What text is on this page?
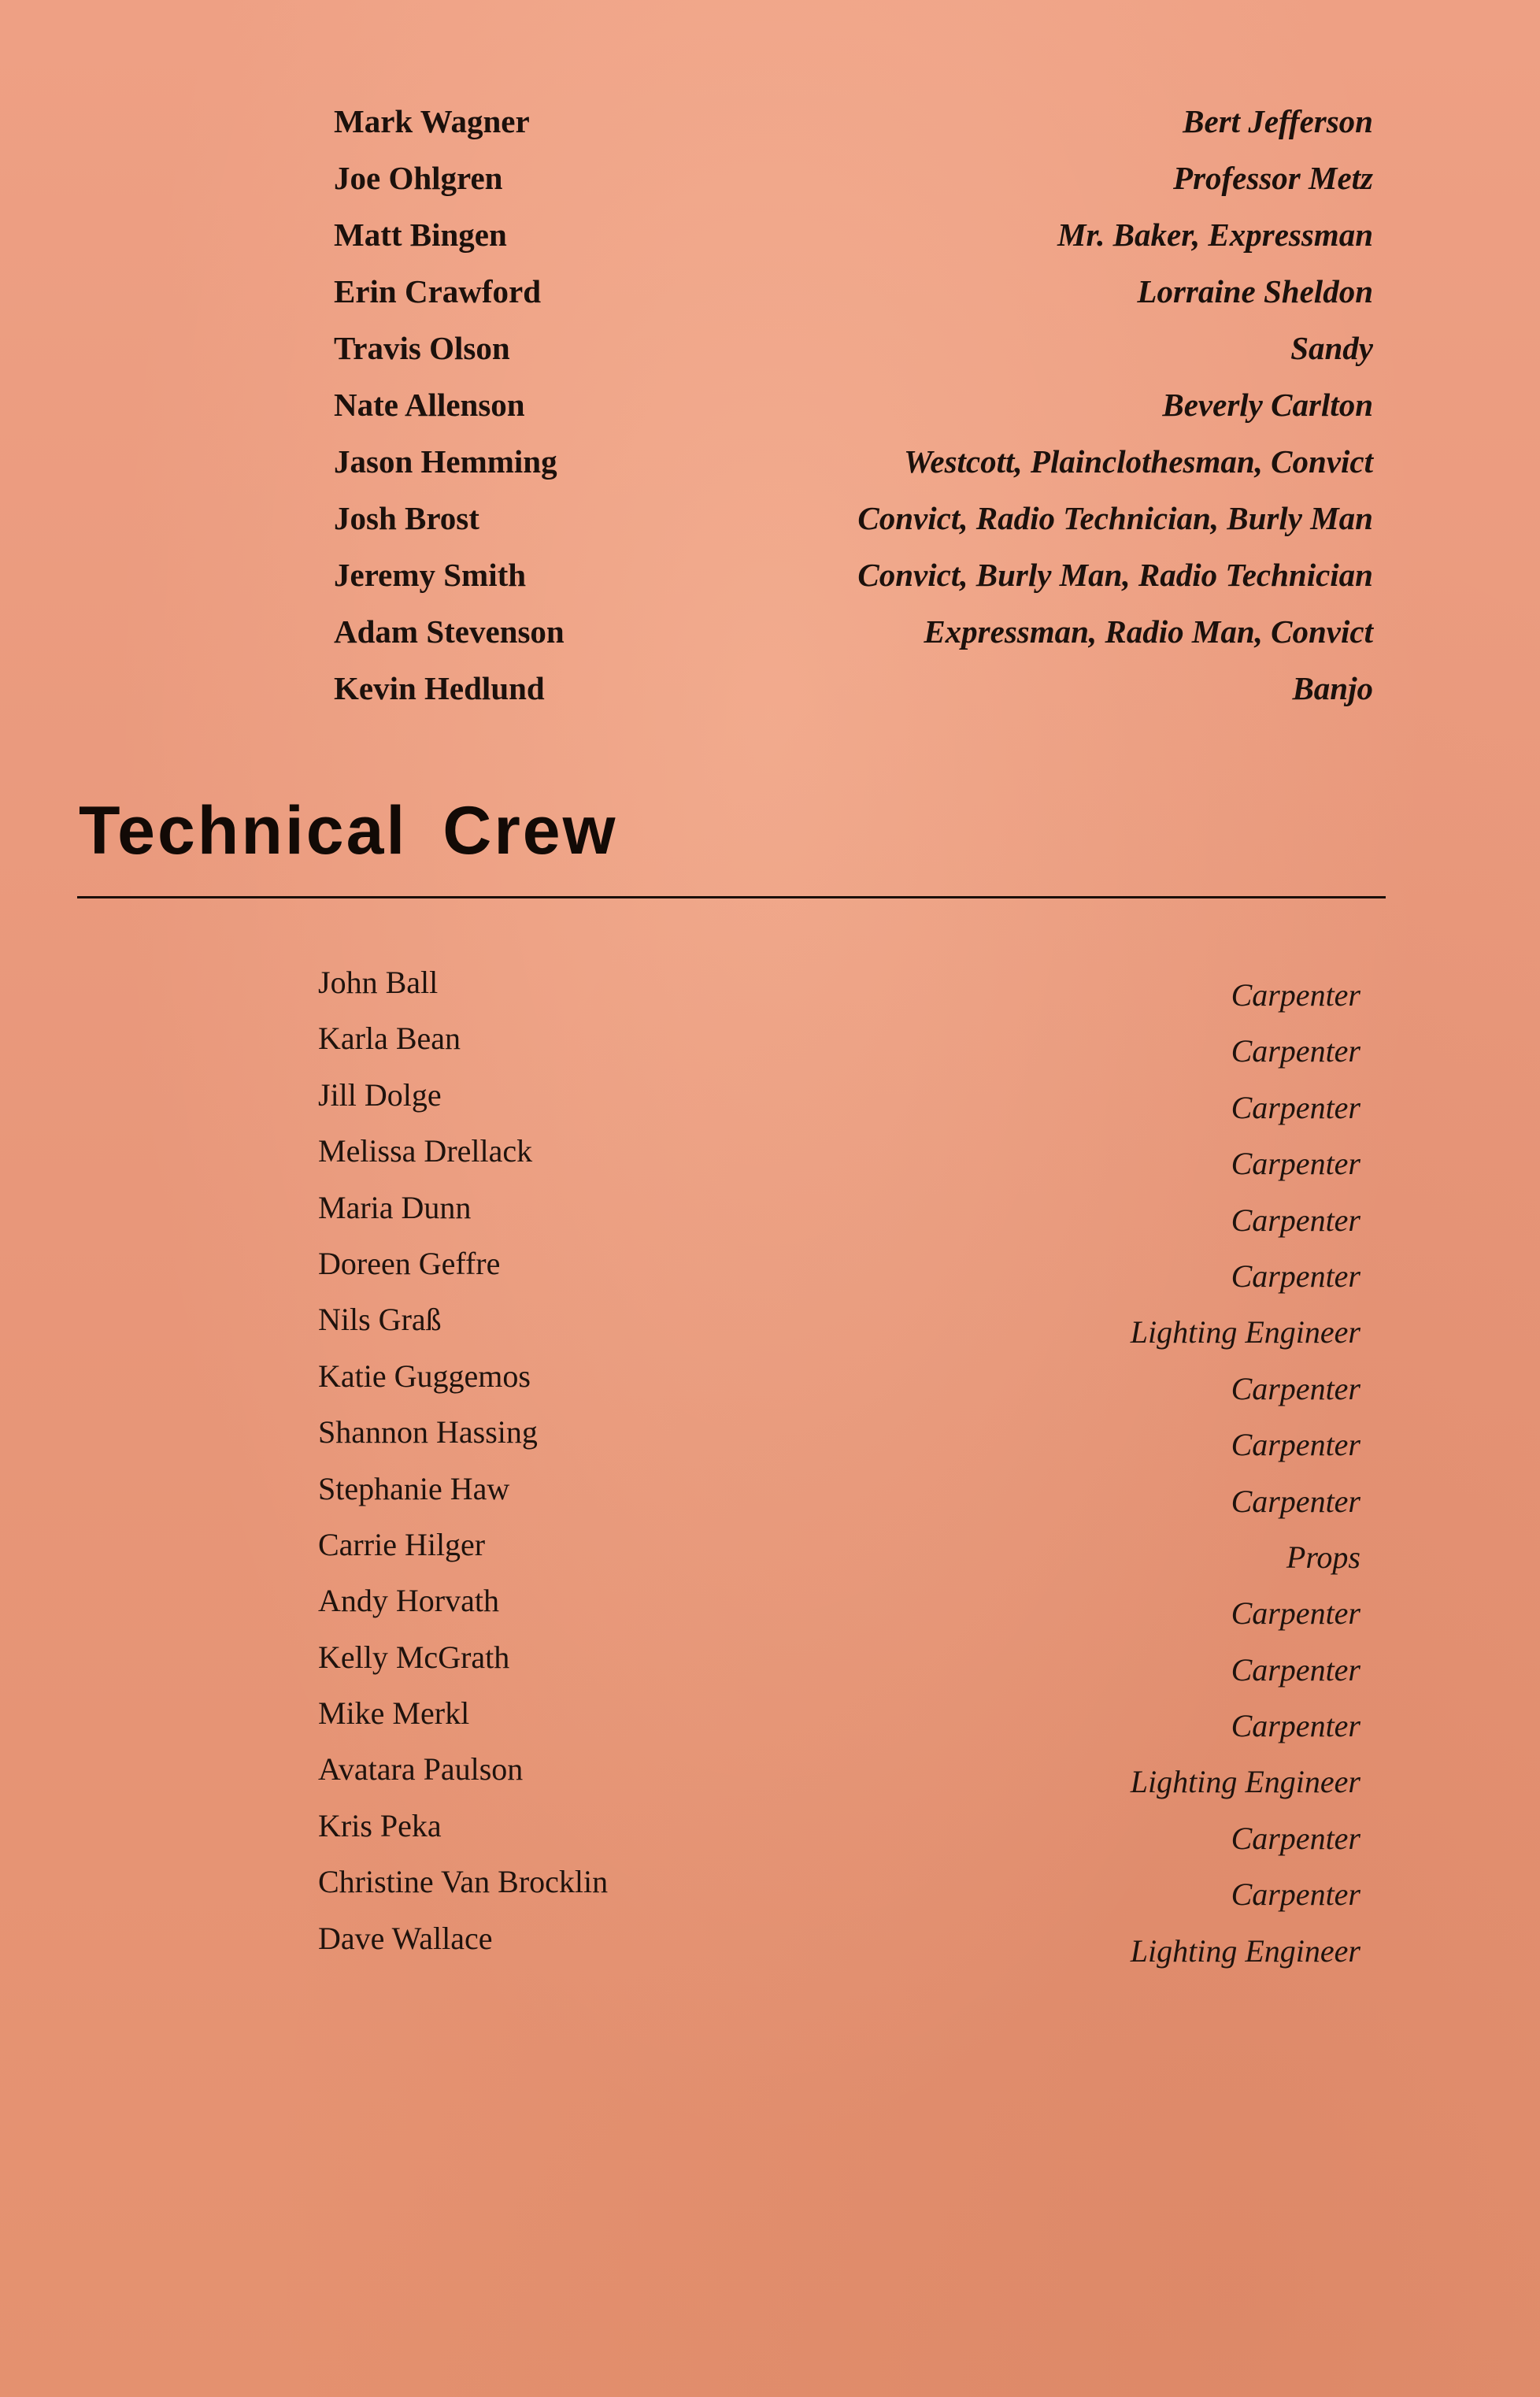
Mark Wagner	Bert Jefferson
Joe Ohlgren	Professor Metz
Matt Bingen	Mr. Baker, Expressman
Erin Crawford	Lorraine Sheldon
Travis Olson	Sandy
Nate Allenson	Beverly Carlton
Jason Hemming	Westcott, Plainclothesman, Convict
Josh Brost	Convict, Radio Technician, Burly Man
Jeremy Smith	Convict, Burly Man, Radio Technician
Adam Stevenson	Expressman, Radio Man, Convict
Kevin Hedlund	Banjo
Technical Crew
John Ball	Carpenter
Karla Bean	Carpenter
Jill Dolge	Carpenter
Melissa Drellack	Carpenter
Maria Dunn	Carpenter
Doreen Geffre	Carpenter
Nils Graß	Lighting Engineer
Katie Guggemos	Carpenter
Shannon Hassing	Carpenter
Stephanie Haw	Carpenter
Carrie Hilger	Props
Andy Horvath	Carpenter
Kelly McGrath	Carpenter
Mike Merkl	Carpenter
Avatara Paulson	Lighting Engineer
Kris Peka	Carpenter
Christine Van Brocklin	Carpenter
Dave Wallace	Lighting Engineer
